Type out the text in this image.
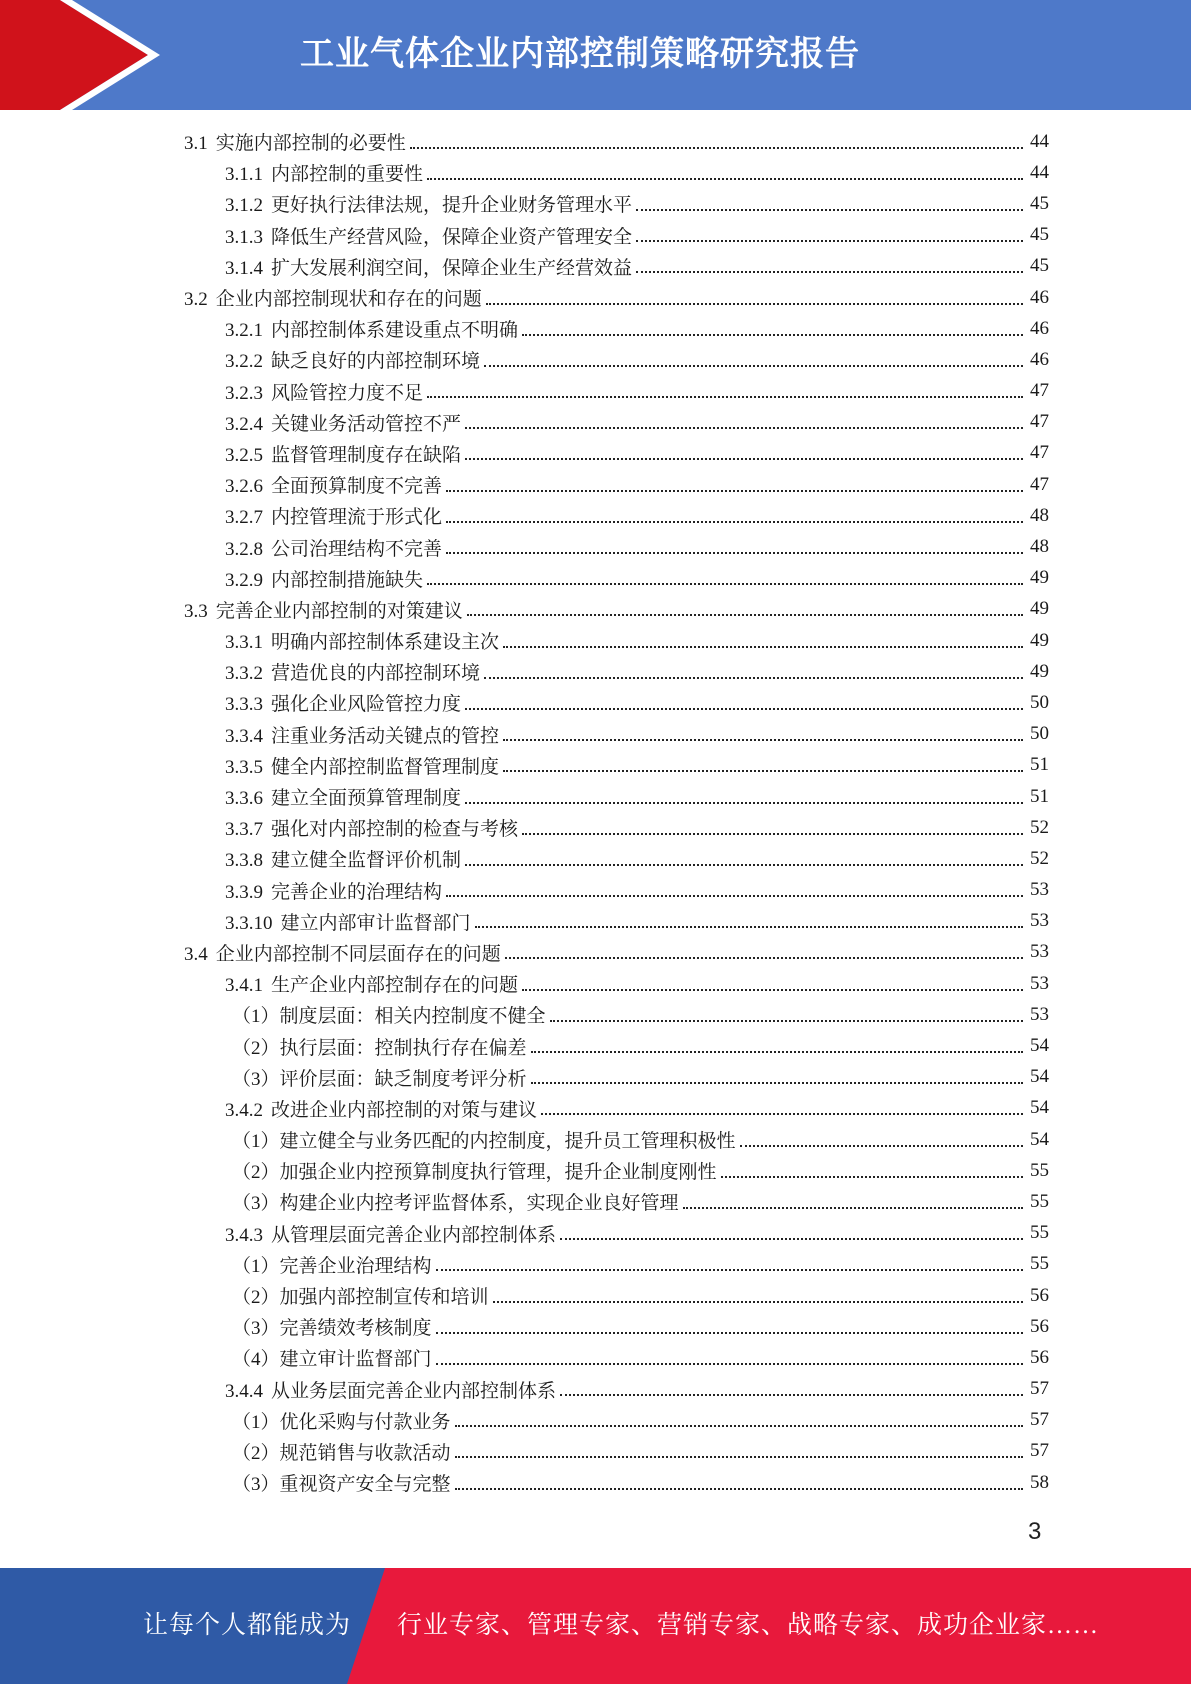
工业气体企业内部控制策略研究报告
3.1 实施内部控制的必要性	44
3.1.1 内部控制的重要性	44
3.1.2 更好执行法律法规，提升企业财务管理水平	45
3.1.3 降低生产经营风险，保障企业资产管理安全	45
3.1.4 扩大发展利润空间，保障企业生产经营效益	45
3.2 企业内部控制现状和存在的问题	46
3.2.1 内部控制体系建设重点不明确	46
3.2.2 缺乏良好的内部控制环境	46
3.2.3 风险管控力度不足	47
3.2.4 关键业务活动管控不严	47
3.2.5 监督管理制度存在缺陷	47
3.2.6 全面预算制度不完善	47
3.2.7 内控管理流于形式化	48
3.2.8 公司治理结构不完善	48
3.2.9 内部控制措施缺失	49
3.3 完善企业内部控制的对策建议	49
3.3.1 明确内部控制体系建设主次	49
3.3.2 营造优良的内部控制环境	49
3.3.3 强化企业风险管控力度	50
3.3.4 注重业务活动关键点的管控	50
3.3.5 健全内部控制监督管理制度	51
3.3.6 建立全面预算管理制度	51
3.3.7 强化对内部控制的检查与考核	52
3.3.8 建立健全监督评价机制	52
3.3.9 完善企业的治理结构	53
3.3.10 建立内部审计监督部门	53
3.4 企业内部控制不同层面存在的问题	53
3.4.1 生产企业内部控制存在的问题	53
（1） 制度层面：相关内控制度不健全	53
（2） 执行层面：控制执行存在偏差	54
（3） 评价层面：缺乏制度考评分析	54
3.4.2 改进企业内部控制的对策与建议	54
（1） 建立健全与业务匹配的内控制度，提升员工管理积极性	54
（2） 加强企业内控预算制度执行管理，提升企业制度刚性	55
（3） 构建企业内控考评监督体系，实现企业良好管理	55
3.4.3 从管理层面完善企业内部控制体系	55
（1） 完善企业治理结构	55
（2） 加强内部控制宣传和培训	56
（3） 完善绩效考核制度	56
（4） 建立审计监督部门	56
3.4.4 从业务层面完善企业内部控制体系	57
（1） 优化采购与付款业务	57
（2） 规范销售与收款活动	57
（3） 重视资产安全与完整	58
3
让每个人都能成为 行业专家、管理专家、营销专家、战略专家、成功企业家……
